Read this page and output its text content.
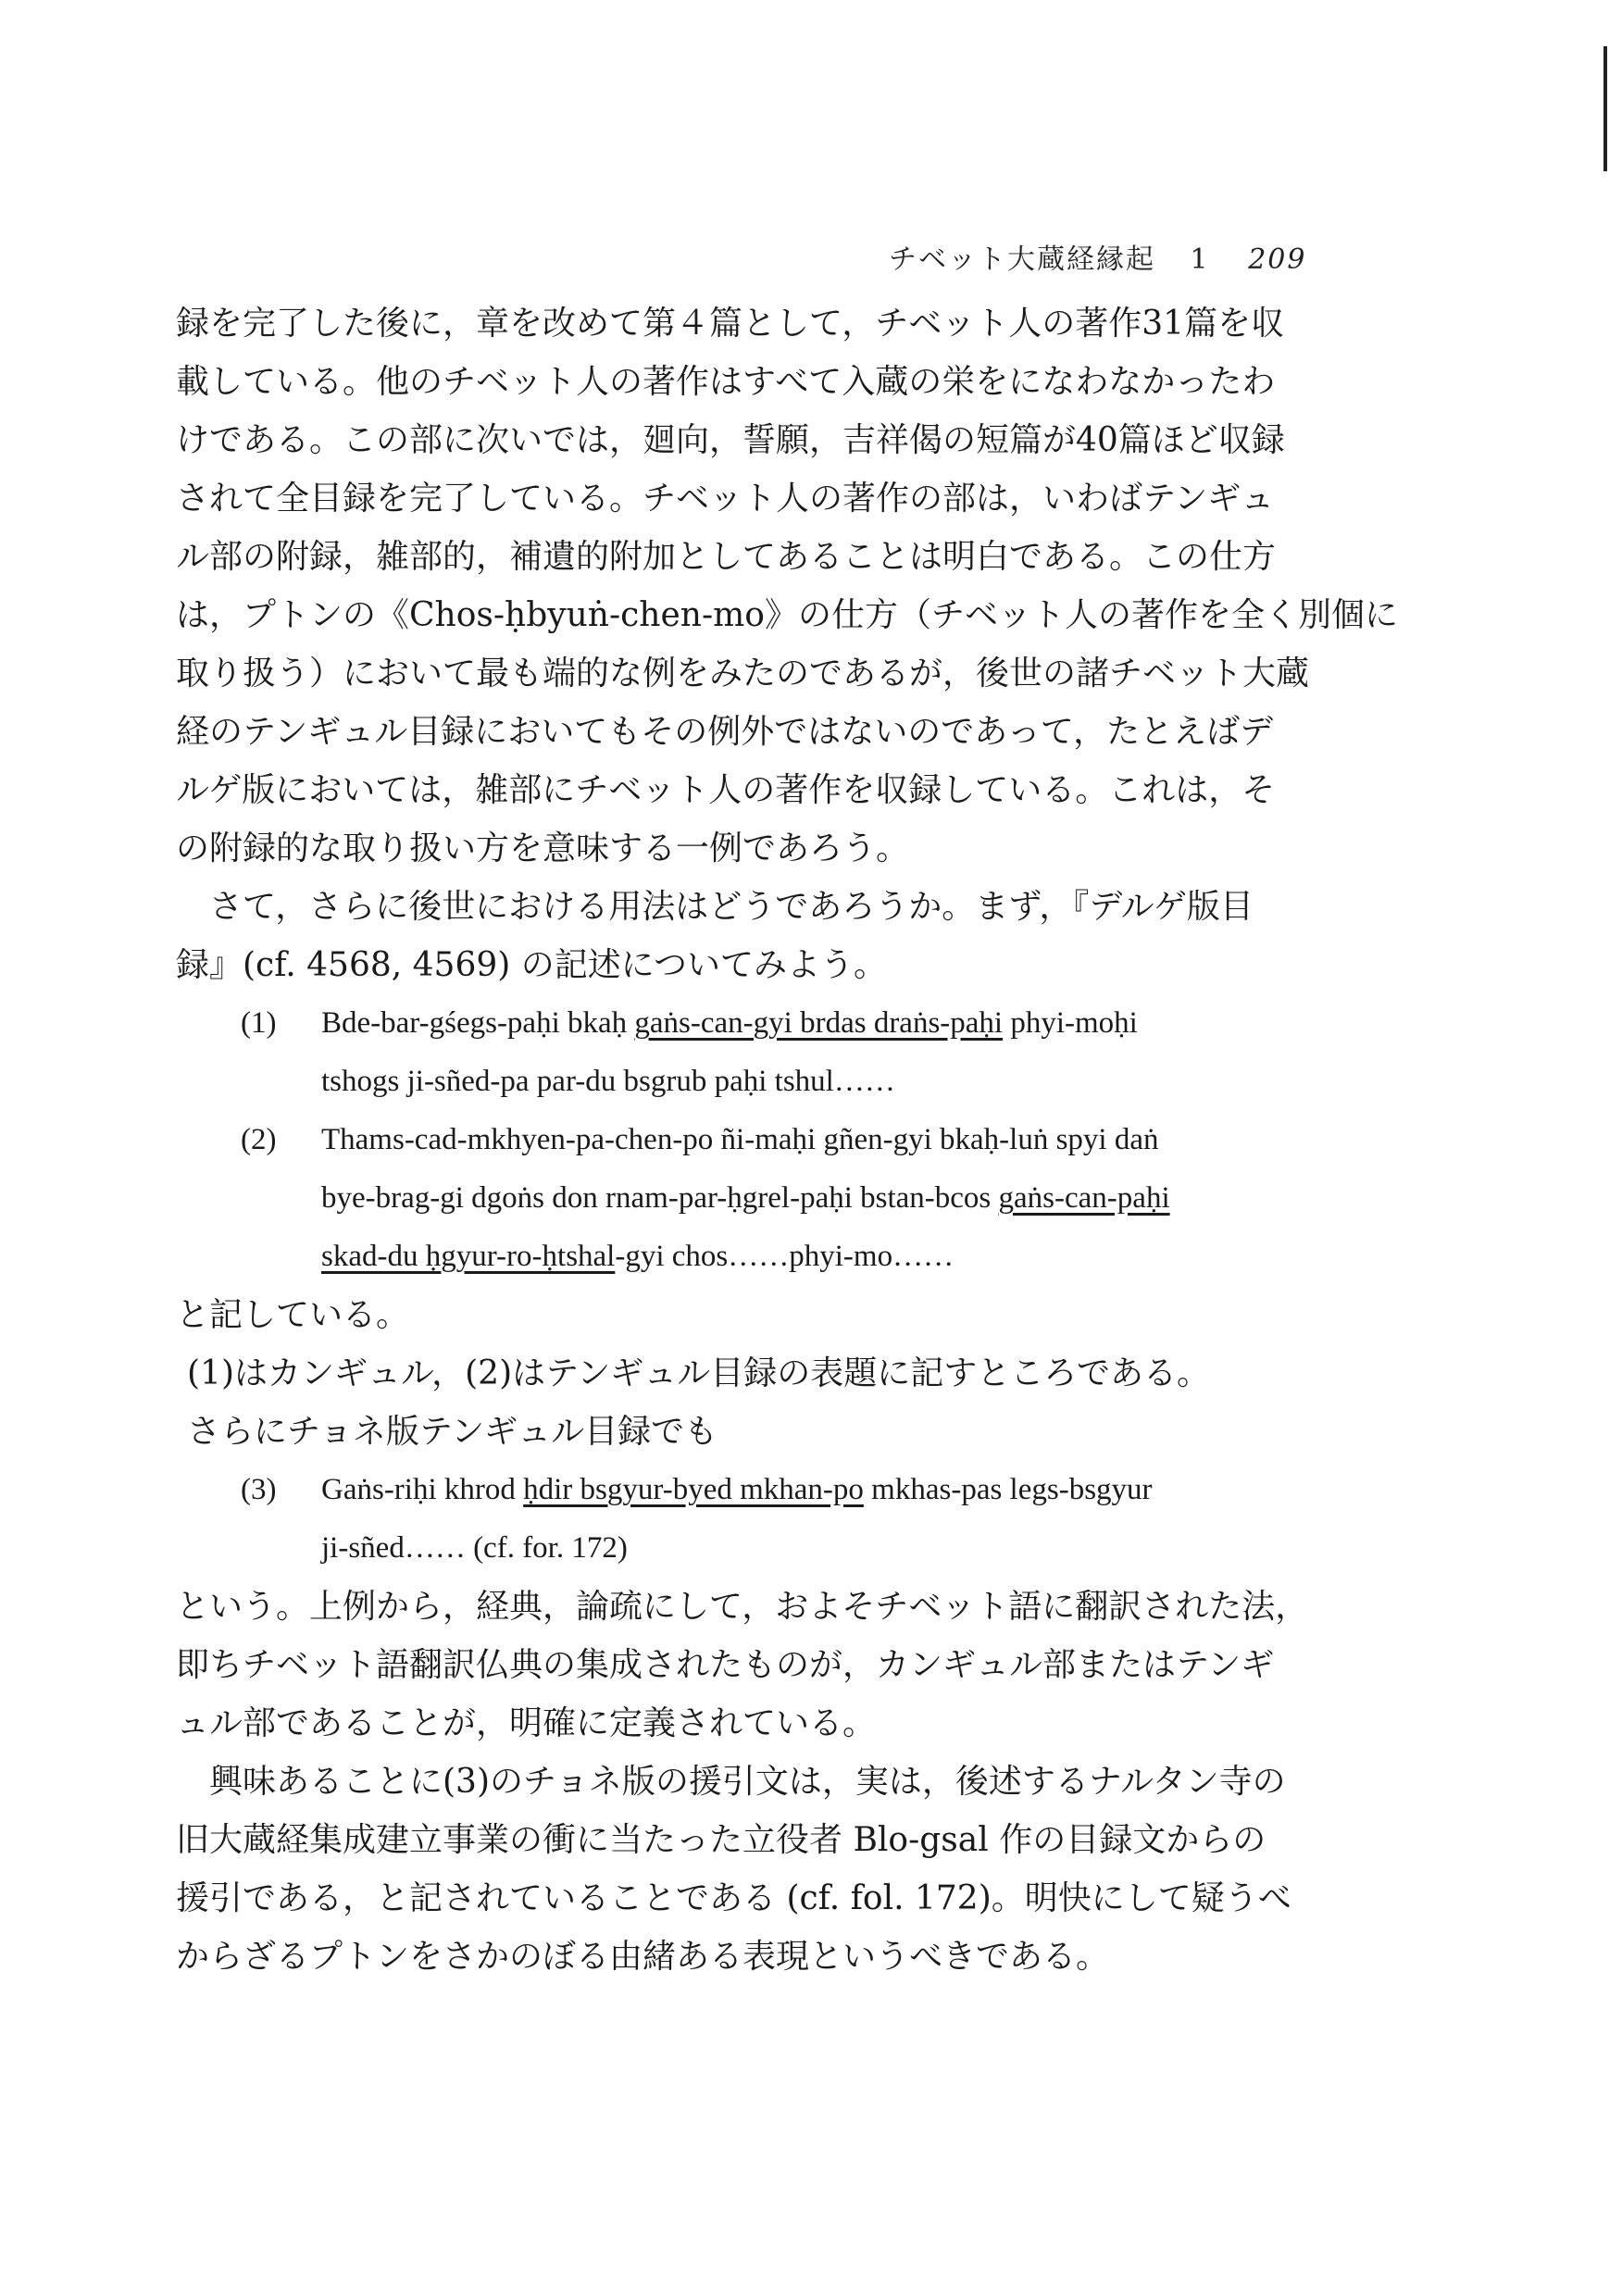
チベット大蔵経縁起 1 209
録を完了した後に，章を改めて第４篇として，チベット人の著作31篇を収
載している。他のチベット人の著作はすべて入蔵の栄をになわなかったわ
けである。この部に次いでは，廻向，誓願，吉祥偈の短篇が40篇ほど収録
されて全目録を完了している。チベット人の著作の部は，いわばテンギュ
ル部の附録，雑部的，補遺的附加としてあることは明白である。この仕方
は，プトンの《Chos-ḥbyuṅ-chen-mo》の仕方（チベット人の著作を全く別個に
取り扱う）において最も端的な例をみたのであるが，後世の諸チベット大蔵
経のテンギュル目録においてもその例外ではないのであって，たとえばデ
ルゲ版においては，雑部にチベット人の著作を収録している。これは，そ
の附録的な取り扱い方を意味する一例であろう。
さて，さらに後世における用法はどうであろうか。まず，『デルゲ版目
録』(cf. 4568, 4569) の記述についてみよう。
(1)	Bde-bar-gśegs-paḥi bkaḥ gaṅs-can-gyi brdas draṅs-paḥi phyi-moḥi
tshogs ji-sñed-pa par-du bsgrub paḥi tshul……
(2)	Thams-cad-mkhyen-pa-chen-po ñi-maḥi gñen-gyi bkaḥ-luṅ spyi daṅ
bye-brag-gi dgoṅs don rnam-par-ḥgrel-paḥi bstan-bcos gaṅs-can-paḥi
skad-du ḥgyur-ro-ḥtshal-gyi chos……phyi-mo……
と記している。
(1)はカンギュル，(2)はテンギュル目録の表題に記すところである。
さらにチョネ版テンギュル目録でも
(3)	Gaṅs-riḥi khrod ḥdir bsgyur-byed mkhan-po mkhas-pas legs-bsgyur
ji-sñed…… (cf. for. 172)
という。上例から，経典，論疏にして，およそチベット語に翻訳された法，
即ちチベット語翻訳仏典の集成されたものが，カンギュル部またはテンギ
ュル部であることが，明確に定義されている。
興味あることに(3)のチョネ版の援引文は，実は，後述するナルタン寺の
旧大蔵経集成建立事業の衝に当たった立役者 Blo-gsal 作の目録文からの
援引である，と記されていることである (cf. fol. 172)。明快にして疑うべ
からざるプトンをさかのぼる由緒ある表現というべきである。
